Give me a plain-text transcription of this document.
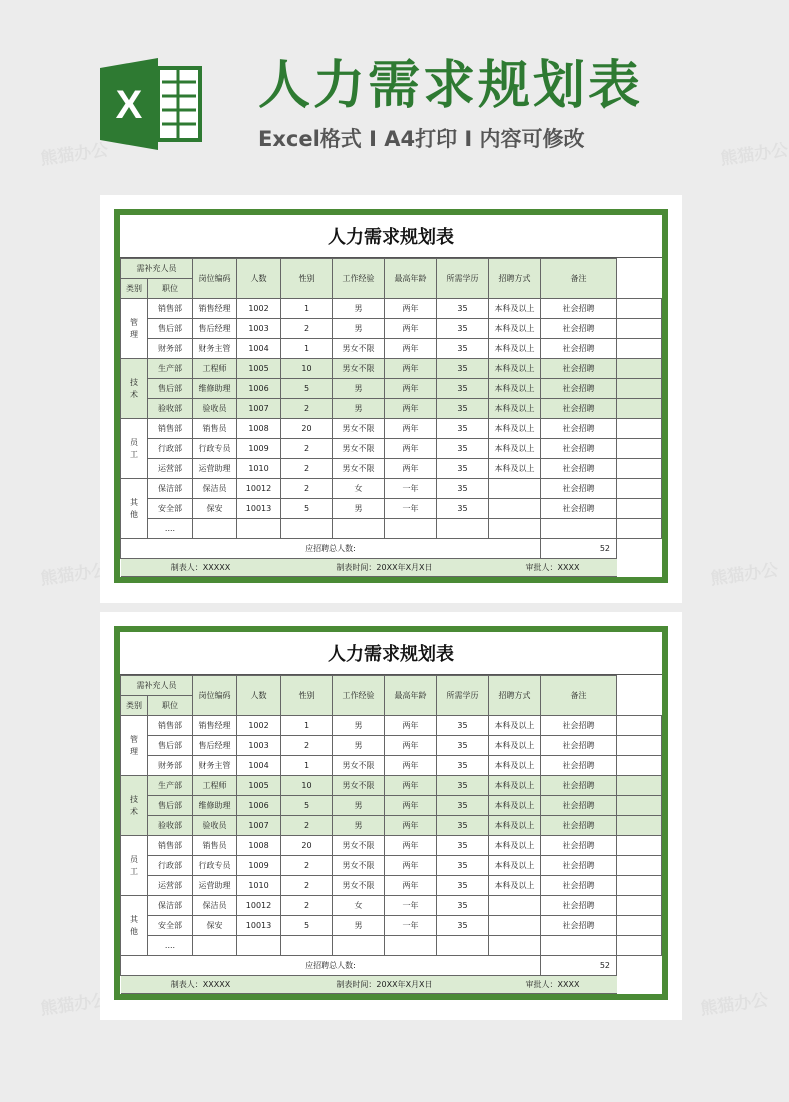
熊猫办公	熊猫办公
熊猫办公	熊猫办公
熊猫办公	熊猫办公
X 人力需求规划表
Excel格式 I A4打印 I 内容可修改
人力需求规划表
需补充人员		岗位编码	人数	性别	工作经验	最高年龄	所需学历	招聘方式	备注	
类别	职位									
管理	销售部	销售经理	1002	1	男	两年	35	本科及以上	社会招聘	
	售后部	售后经理	1003	2	男	两年	35	本科及以上	社会招聘	
	财务部	财务主管	1004	1	男女不限	两年	35	本科及以上	社会招聘	
技术	生产部	工程师	1005	10	男女不限	两年	35	本科及以上	社会招聘	
	售后部	维修助理	1006	5	男	两年	35	本科及以上	社会招聘	
	验收部	验收员	1007	2	男	两年	35	本科及以上	社会招聘	
员工	销售部	销售员	1008	20	男女不限	两年	35	本科及以上	社会招聘	
	行政部	行政专员	1009	2	男女不限	两年	35	本科及以上	社会招聘	
	运营部	运营助理	1010	2	男女不限	两年	35	本科及以上	社会招聘	
其他	保洁部	保洁员	10012	2	女	一年	35		社会招聘	
	安全部	保安	10013	5	男	一年	35		社会招聘	
	....									
应招聘总人数:									52	
制表人：XXXXX				制表时间：20XX年X月X日				审批人：XXXX		
人力需求规划表
需补充人员		岗位编码	人数	性别	工作经验	最高年龄	所需学历	招聘方式	备注	
类别	职位									
管理	销售部	销售经理	1002	1	男	两年	35	本科及以上	社会招聘	
	售后部	售后经理	1003	2	男	两年	35	本科及以上	社会招聘	
	财务部	财务主管	1004	1	男女不限	两年	35	本科及以上	社会招聘	
技术	生产部	工程师	1005	10	男女不限	两年	35	本科及以上	社会招聘	
	售后部	维修助理	1006	5	男	两年	35	本科及以上	社会招聘	
	验收部	验收员	1007	2	男	两年	35	本科及以上	社会招聘	
员工	销售部	销售员	1008	20	男女不限	两年	35	本科及以上	社会招聘	
	行政部	行政专员	1009	2	男女不限	两年	35	本科及以上	社会招聘	
	运营部	运营助理	1010	2	男女不限	两年	35	本科及以上	社会招聘	
其他	保洁部	保洁员	10012	2	女	一年	35		社会招聘	
	安全部	保安	10013	5	男	一年	35		社会招聘	
	....									
应招聘总人数:									52	
制表人：XXXXX				制表时间：20XX年X月X日				审批人：XXXX		
